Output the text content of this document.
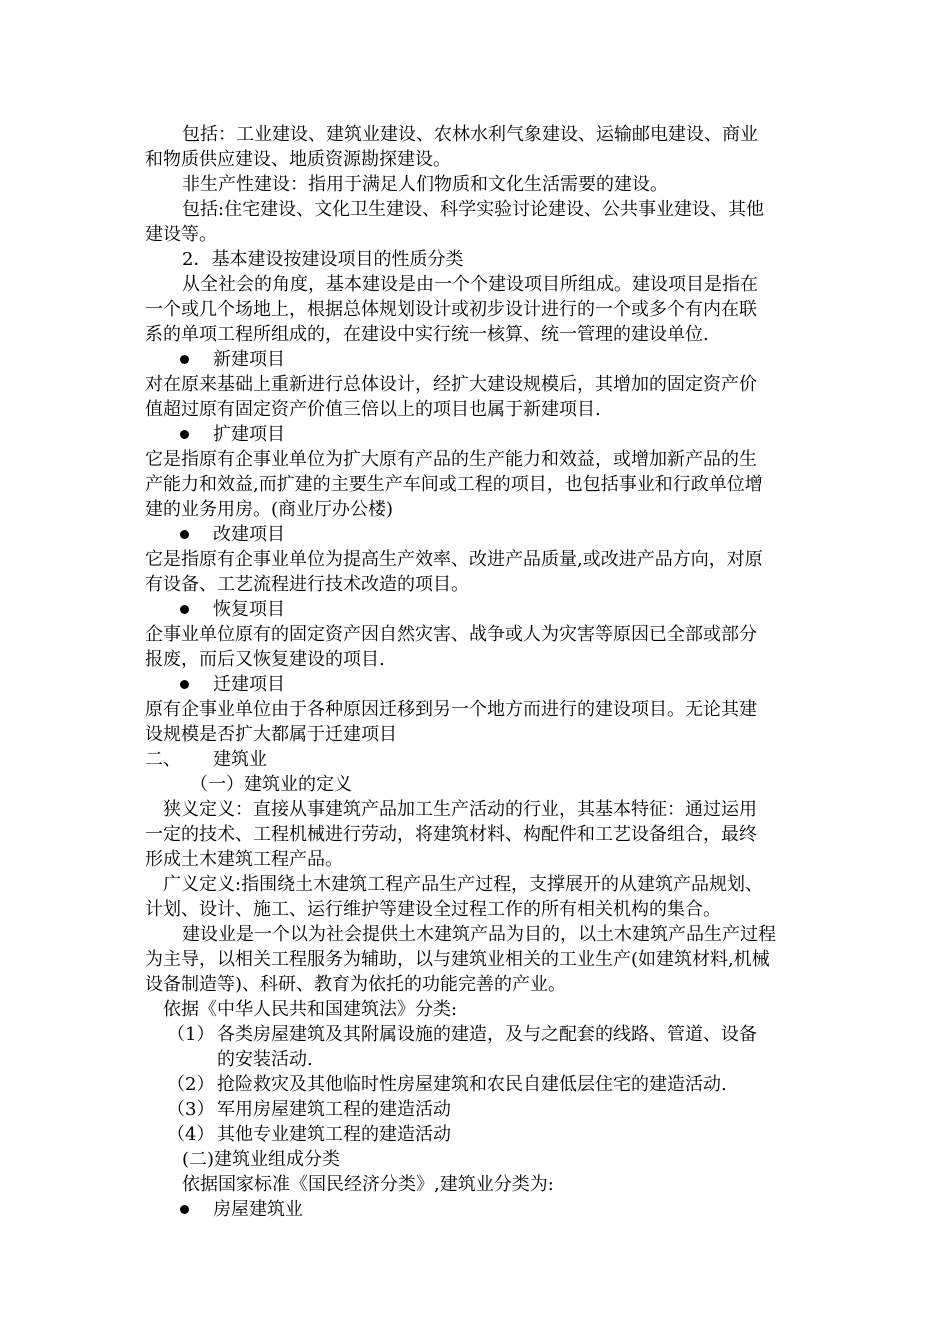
包括：工业建设、建筑业建设、农林水利气象建设、运输邮电建设、商业
和物质供应建设、地质资源勘探建设。
非生产性建设：指用于满足人们物质和文化生活需要的建设。
包括:住宅建设、文化卫生建设、科学实验讨论建设、公共事业建设、其他
建设等。
2．基本建设按建设项目的性质分类
从全社会的角度，基本建设是由一个个建设项目所组成。建设项目是指在
一个或几个场地上，根据总体规划设计或初步设计进行的一个或多个有内在联
系的单项工程所组成的，在建设中实行统一核算、统一管理的建设单位.
新建项目
对在原来基础上重新进行总体设计，经扩大建设规模后，其增加的固定资产价
值超过原有固定资产价值三倍以上的项目也属于新建项目.
扩建项目
它是指原有企事业单位为扩大原有产品的生产能力和效益，或增加新产品的生
产能力和效益,而扩建的主要生产车间或工程的项目，也包括事业和行政单位增
建的业务用房。(商业厅办公楼)
改建项目
它是指原有企事业单位为提高生产效率、改进产品质量,或改进产品方向，对原
有设备、工艺流程进行技术改造的项目。
恢复项目
企事业单位原有的固定资产因自然灾害、战争或人为灾害等原因已全部或部分
报废，而后又恢复建设的项目.
迁建项目
原有企事业单位由于各种原因迁移到另一个地方而进行的建设项目。无论其建
设规模是否扩大都属于迁建项目
二、	建筑业
（一）建筑业的定义
狭义定义：直接从事建筑产品加工生产活动的行业，其基本特征：通过运用
一定的技术、工程机械进行劳动，将建筑材料、构配件和工艺设备组合，最终
形成土木建筑工程产品。
广义定义:指围绕土木建筑工程产品生产过程，支撑展开的从建筑产品规划、
计划、设计、施工、运行维护等建设全过程工作的所有相关机构的集合。
建设业是一个以为社会提供土木建筑产品为目的，以土木建筑产品生产过程
为主导，以相关工程服务为辅助，以与建筑业相关的工业生产(如建筑材料,机械
设备制造等)、科研、教育为依托的功能完善的产业。
依据《中华人民共和国建筑法》分类:
（1） 各类房屋建筑及其附属设施的建造，及与之配套的线路、管道、设备
的安装活动.
（2） 抢险救灾及其他临时性房屋建筑和农民自建低层住宅的建造活动.
（3） 军用房屋建筑工程的建造活动
（4） 其他专业建筑工程的建造活动
(二)建筑业组成分类
依据国家标准《国民经济分类》,建筑业分类为:
房屋建筑业
